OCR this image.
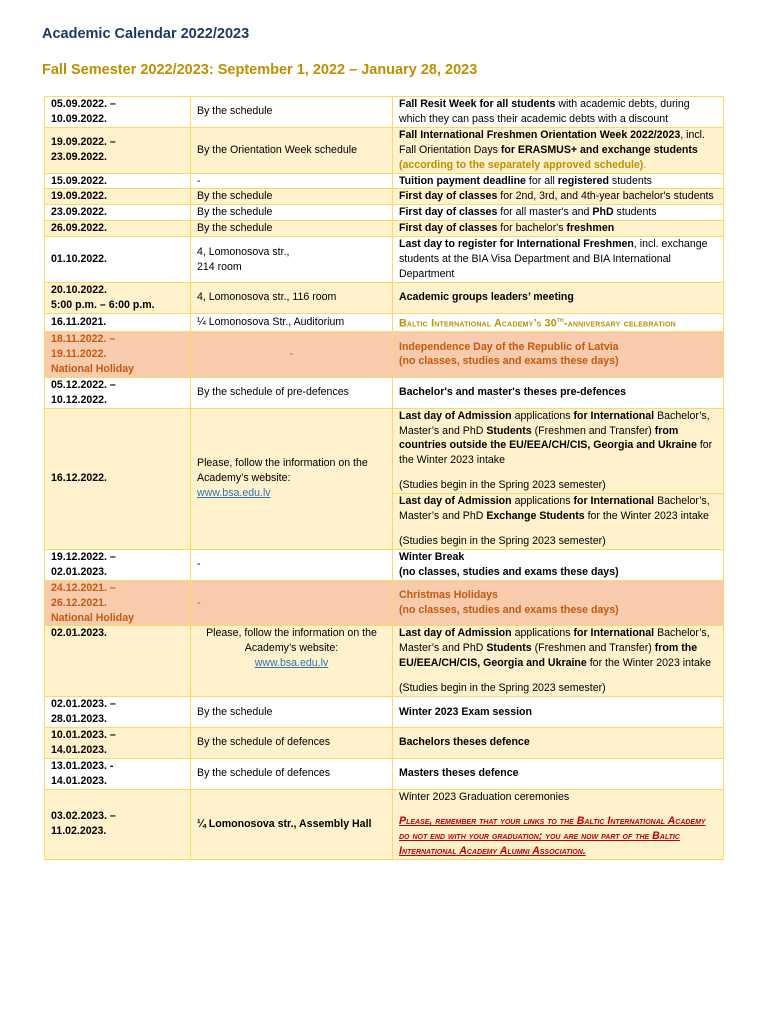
Academic Calendar 2022/2023
Fall Semester 2022/2023: September 1, 2022 – January 28, 2023
05.09.2022. –
10.09.2022.	By the schedule	Fall Resit Week for all students with academic debts, during which they can pass their academic debts with a discount
19.09.2022. –
23.09.2022.	By the Orientation Week schedule	Fall International Freshmen Orientation Week 2022/2023, incl. Fall Orientation Days for ERASMUS+ and exchange students
(according to the separately approved schedule).
15.09.2022.	-	Tuition payment deadline for all registered students
19.09.2022.	By the schedule	First day of classes for 2nd, 3rd, and 4th-year bachelor's students
23.09.2022.	By the schedule	First day of classes for all master's and PhD students
26.09.2022.	By the schedule	First day of classes for bachelor's freshmen
01.10.2022.	4, Lomonosova str.,
214 room	Last day to register for International Freshmen, incl. exchange students at the BIA Visa Department and BIA International Department
20.10.2022.
5:00 p.m. – 6:00 p.m.	4, Lomonosova str., 116 room	Academic groups leaders’ meeting
16.11.2021.	¼ Lomonosova Str., Auditorium	Baltic International Academy’s 30th-anniversary celebration
18.11.2022. –
19.11.2022.
National Holiday	-	Independence Day of the Republic of Latvia
(no classes, studies and exams these days)
05.12.2022. –
10.12.2022.	By the schedule of pre-defences	Bachelor's and master's theses pre-defences
16.12.2022.	Please, follow the information on the Academy’s website:
www.bsa.edu.lv	Last day of Admission applications for International Bachelor’s, Master’s and PhD Students (Freshmen and Transfer) from countries outside the EU/EEA/CH/CIS, Georgia and Ukraine for the Winter 2023 intake
(Studies begin in the Spring 2023 semester)
		Last day of Admission applications for International Bachelor’s, Master’s and PhD Exchange Students for the Winter 2023 intake
(Studies begin in the Spring 2023 semester)
19.12.2022. –
02.01.2023.	-	Winter Break
(no classes, studies and exams these days)
24.12.2021. –
26.12.2021.
National Holiday	-	Christmas Holidays
(no classes, studies and exams these days)
02.01.2023.	Please, follow the information on the Academy’s website:
www.bsa.edu.lv	Last day of Admission applications for International Bachelor’s, Master’s and PhD Students (Freshmen and Transfer) from the EU/EEA/CH/CIS, Georgia and Ukraine for the Winter 2023 intake
(Studies begin in the Spring 2023 semester)
02.01.2023. –
28.01.2023.	By the schedule	Winter 2023 Exam session
10.01.2023. –
14.01.2023.	By the schedule of defences	Bachelors theses defence
13.01.2023. -
14.01.2023.	By the schedule of defences	Masters theses defence
03.02.2023. –
11.02.2023.	¼ Lomonosova str., Assembly Hall	Winter 2023 Graduation ceremonies
Please, remember that your links to the Baltic International Academy do not end with your graduation; you are now part of the Baltic International Academy Alumni Association.
